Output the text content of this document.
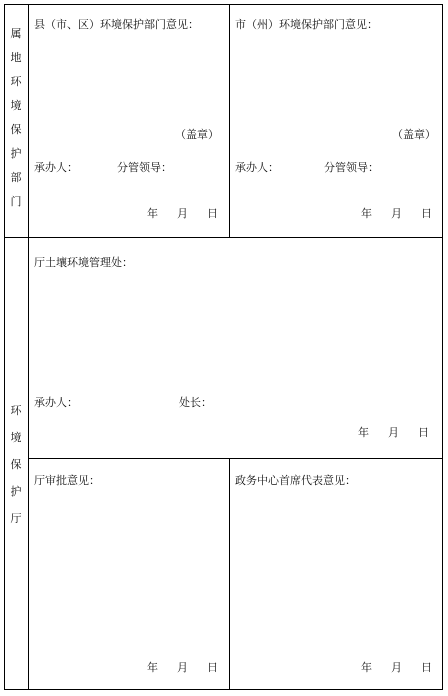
属
地
环
境
保
护
部
门
环
境
保
护
厅
县（市、区）环境保护部门意见：
（盖章）
承办人：	分管领导：
年 月 日
市（州）环境保护部门意见：
（盖章）
承办人：	分管领导：
年 月 日
厅土壤环境管理处：
承办人：	处长：
年 月 日
厅审批意见：
年 月 日
政务中心首席代表意见：
年 月 日
